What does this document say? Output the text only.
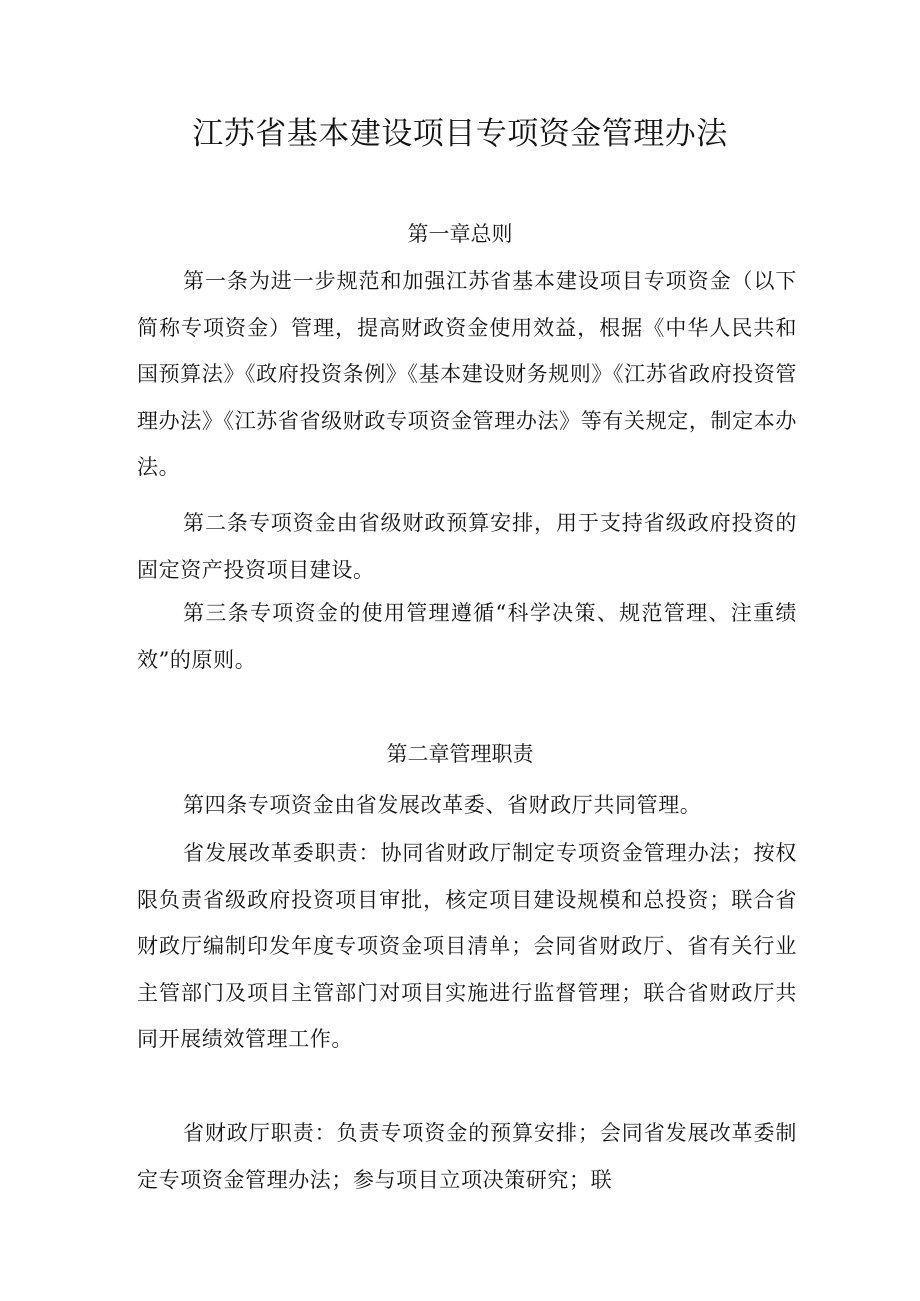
江苏省基本建设项目专项资金管理办法
第一章总则
第一条为进一步规范和加强江苏省基本建设项目专项资金（以下简称专项资金）管理，提高财政资金使用效益，根据《中华人民共和国预算法》《政府投资条例》《基本建设财务规则》《江苏省政府投资管理办法》《江苏省省级财政专项资金管理办法》等有关规定，制定本办法。
第二条专项资金由省级财政预算安排，用于支持省级政府投资的固定资产投资项目建设。
第三条专项资金的使用管理遵循“科学决策、规范管理、注重绩效”的原则。
第二章管理职责
第四条专项资金由省发展改革委、省财政厅共同管理。
省发展改革委职责：协同省财政厅制定专项资金管理办法；按权限负责省级政府投资项目审批，核定项目建设规模和总投资；联合省财政厅编制印发年度专项资金项目清单；会同省财政厅、省有关行业主管部门及项目主管部门对项目实施进行监督管理；联合省财政厅共同开展绩效管理工作。
省财政厅职责：负责专项资金的预算安排；会同省发展改革委制定专项资金管理办法；参与项目立项决策研究；联
